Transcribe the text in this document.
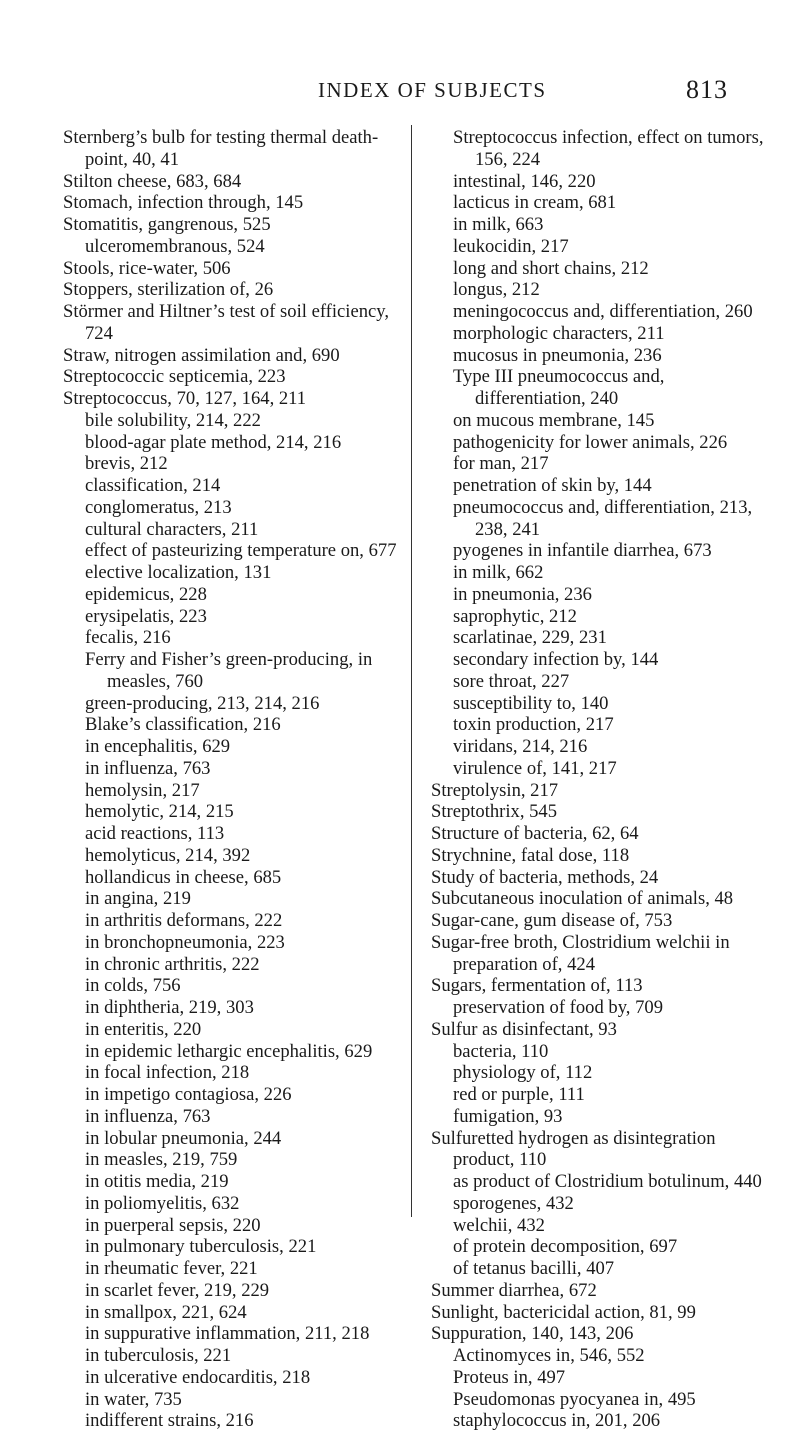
INDEX OF SUBJECTS	813
Sternberg’s bulb for testing thermal death-point, 40, 41
Stilton cheese, 683, 684
Stomach, infection through, 145
Stomatitis, gangrenous, 525
ulceromembranous, 524
Stools, rice-water, 506
Stoppers, sterilization of, 26
Störmer and Hiltner’s test of soil efficiency, 724
Straw, nitrogen assimilation and, 690
Streptococcic septicemia, 223
Streptococcus, 70, 127, 164, 211
bile solubility, 214, 222
blood-agar plate method, 214, 216
brevis, 212
classification, 214
conglomeratus, 213
cultural characters, 211
effect of pasteurizing temperature on, 677
elective localization, 131
epidemicus, 228
erysipelatis, 223
fecalis, 216
Ferry and Fisher’s green-producing, in measles, 760
green-producing, 213, 214, 216
Blake’s classification, 216
in encephalitis, 629
in influenza, 763
hemolysin, 217
hemolytic, 214, 215
acid reactions, 113
hemolyticus, 214, 392
hollandicus in cheese, 685
in angina, 219
in arthritis deformans, 222
in bronchopneumonia, 223
in chronic arthritis, 222
in colds, 756
in diphtheria, 219, 303
in enteritis, 220
in epidemic lethargic encephalitis, 629
in focal infection, 218
in impetigo contagiosa, 226
in influenza, 763
in lobular pneumonia, 244
in measles, 219, 759
in otitis media, 219
in poliomyelitis, 632
in puerperal sepsis, 220
in pulmonary tuberculosis, 221
in rheumatic fever, 221
in scarlet fever, 219, 229
in smallpox, 221, 624
in suppurative inflammation, 211, 218
in tuberculosis, 221
in ulcerative endocarditis, 218
in water, 735
indifferent strains, 216
Streptococcus infection, effect on tumors, 156, 224
intestinal, 146, 220
lacticus in cream, 681
in milk, 663
leukocidin, 217
long and short chains, 212
longus, 212
meningococcus and, differentiation, 260
morphologic characters, 211
mucosus in pneumonia, 236
Type III pneumococcus and, differentiation, 240
on mucous membrane, 145
pathogenicity for lower animals, 226
for man, 217
penetration of skin by, 144
pneumococcus and, differentiation, 213, 238, 241
pyogenes in infantile diarrhea, 673
in milk, 662
in pneumonia, 236
saprophytic, 212
scarlatinae, 229, 231
secondary infection by, 144
sore throat, 227
susceptibility to, 140
toxin production, 217
viridans, 214, 216
virulence of, 141, 217
Streptolysin, 217
Streptothrix, 545
Structure of bacteria, 62, 64
Strychnine, fatal dose, 118
Study of bacteria, methods, 24
Subcutaneous inoculation of animals, 48
Sugar-cane, gum disease of, 753
Sugar-free broth, Clostridium welchii in preparation of, 424
Sugars, fermentation of, 113
preservation of food by, 709
Sulfur as disinfectant, 93
bacteria, 110
physiology of, 112
red or purple, 111
fumigation, 93
Sulfuretted hydrogen as disintegration product, 110
as product of Clostridium botulinum, 440
sporogenes, 432
welchii, 432
of protein decomposition, 697
of tetanus bacilli, 407
Summer diarrhea, 672
Sunlight, bactericidal action, 81, 99
Suppuration, 140, 143, 206
Actinomyces in, 546, 552
Proteus in, 497
Pseudomonas pyocyanea in, 495
staphylococcus in, 201, 206
